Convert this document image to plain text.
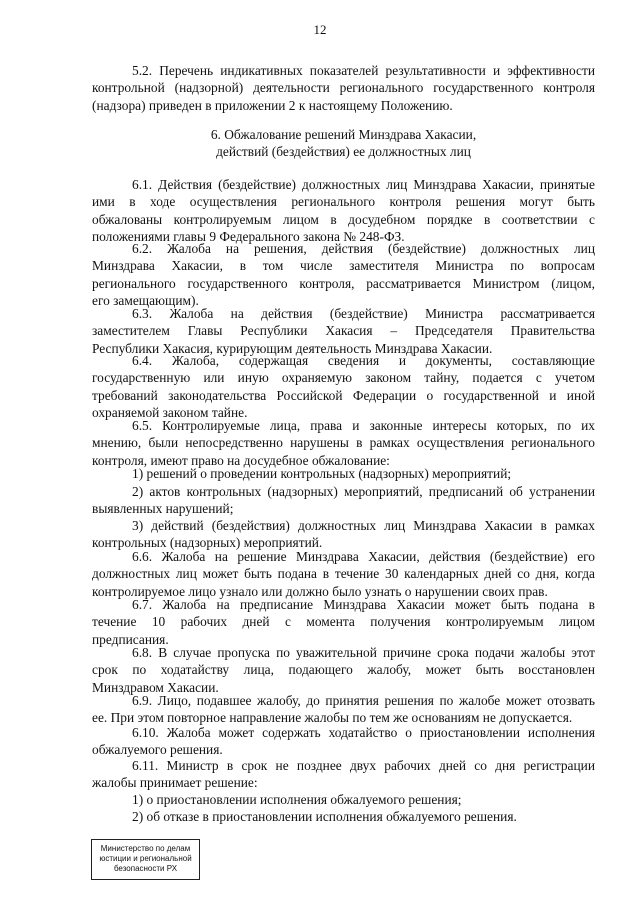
12
5.2. Перечень индикативных показателей результативности и эффективности
контрольной (надзорной) деятельности регионального государственного контроля
(надзора) приведен в приложении 2 к настоящему Положению.
6. Обжалование решений Минздрава Хакасии,
действий (бездействия) ее должностных лиц
6.1. Действия (бездействие) должностных лиц Минздрава Хакасии, принятые
ими в ходе осуществления регионального контроля решения могут быть
обжалованы контролируемым лицом в досудебном порядке в соответствии с
положениями главы 9 Федерального закона № 248-ФЗ.
6.2. Жалоба на решения, действия (бездействие) должностных лиц
Минздрава Хакасии, в том числе заместителя Министра по вопросам
регионального государственного контроля, рассматривается Министром (лицом,
его замещающим).
6.3. Жалоба на действия (бездействие) Министра рассматривается
заместителем Главы Республики Хакасия – Председателя Правительства
Республики Хакасия, курирующим деятельность Минздрава Хакасии.
6.4. Жалоба, содержащая сведения и документы, составляющие
государственную или иную охраняемую законом тайну, подается с учетом
требований законодательства Российской Федерации о государственной и иной
охраняемой законом тайне.
6.5. Контролируемые лица, права и законные интересы которых, по их
мнению, были непосредственно нарушены в рамках осуществления регионального
контроля, имеют право на досудебное обжалование:
1) решений о проведении контрольных (надзорных) мероприятий;
2) актов контрольных (надзорных) мероприятий, предписаний об устранении
выявленных нарушений;
3) действий (бездействия) должностных лиц Минздрава Хакасии в рамках
контрольных (надзорных) мероприятий.
6.6. Жалоба на решение Минздрава Хакасии, действия (бездействие) его
должностных лиц может быть подана в течение 30 календарных дней со дня, когда
контролируемое лицо узнало или должно было узнать о нарушении своих прав.
6.7. Жалоба на предписание Минздрава Хакасии может быть подана в
течение 10 рабочих дней с момента получения контролируемым лицом
предписания.
6.8. В случае пропуска по уважительной причине срока подачи жалобы этот
срок по ходатайству лица, подающего жалобу, может быть восстановлен
Минздравом Хакасии.
6.9. Лицо, подавшее жалобу, до принятия решения по жалобе может отозвать
ее. При этом повторное направление жалобы по тем же основаниям не допускается.
6.10. Жалоба может содержать ходатайство о приостановлении исполнения
обжалуемого решения.
6.11. Министр в срок не позднее двух рабочих дней со дня регистрации
жалобы принимает решение:
1) о приостановлении исполнения обжалуемого решения;
2) об отказе в приостановлении исполнения обжалуемого решения.
Министерство по делам
юстиции и региональной
безопасности РХ
